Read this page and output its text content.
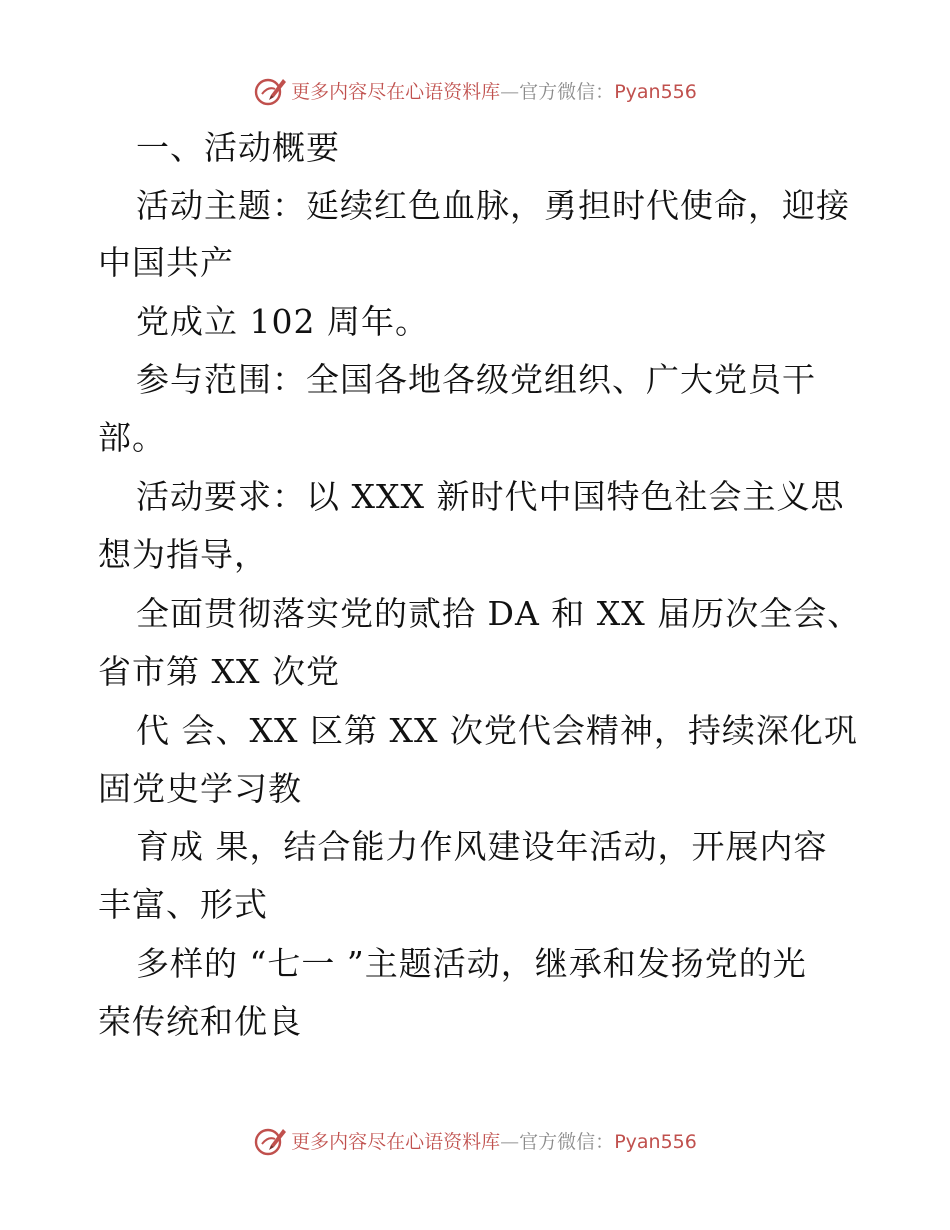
更多内容尽在心语资料库—官方微信：Pyan556
一、活动概要
活动主题：延续红色血脉，勇担时代使命，迎接
中国共产
党成立 102 周年。
参与范围：全国各地各级党组织、广大党员干
部。
活动要求：以 XXX 新时代中国特色社会主义思
想为指导，
全面贯彻落实党的贰拾 DA 和 XX 届历次全会、
省市第 XX 次党
代 会、XX 区第 XX 次党代会精神，持续深化巩
固党史学习教
育成 果，结合能力作风建设年活动，开展内容
丰富、形式
多样的 “七一 ”主题活动，继承和发扬党的光
荣传统和优良
更多内容尽在心语资料库—官方微信：Pyan556
